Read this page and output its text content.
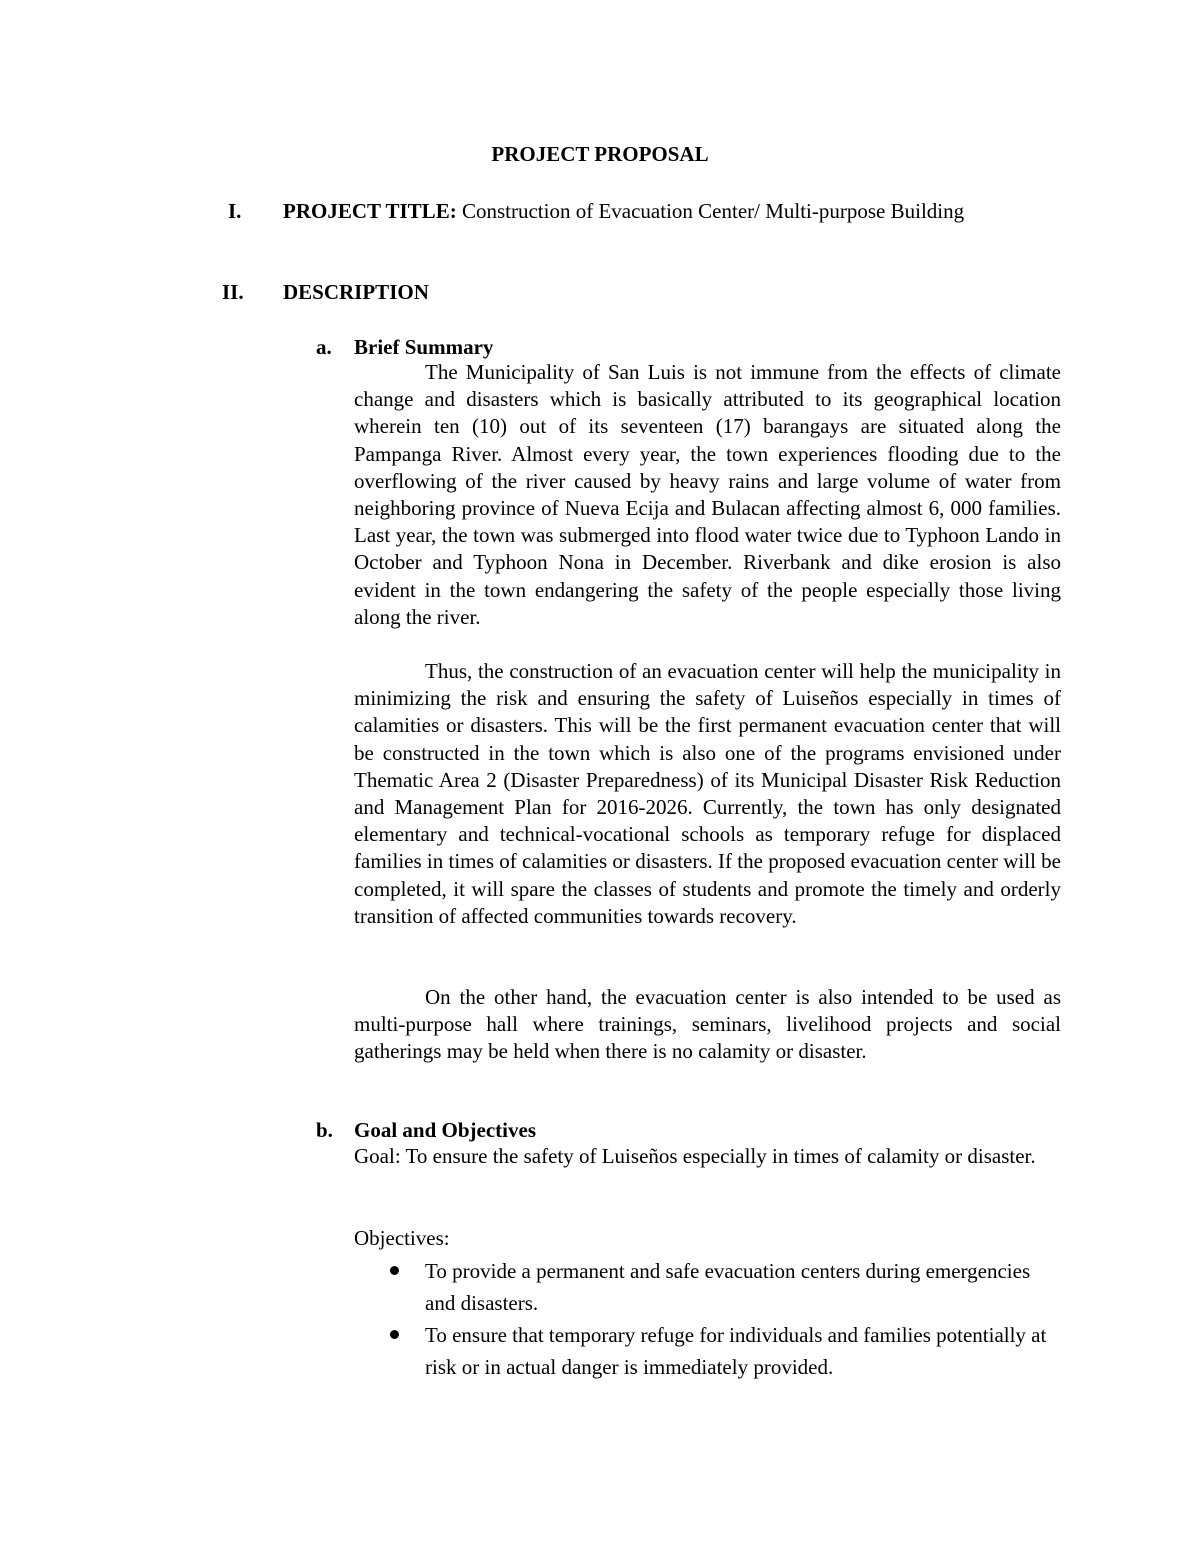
PROJECT PROPOSAL
I. PROJECT TITLE: Construction of Evacuation Center/ Multi-purpose Building
II. DESCRIPTION
a. Brief Summary

The Municipality of San Luis is not immune from the effects of climate change and disasters which is basically attributed to its geographical location wherein ten (10) out of its seventeen (17) barangays are situated along the Pampanga River. Almost every year, the town experiences flooding due to the overflowing of the river caused by heavy rains and large volume of water from neighboring province of Nueva Ecija and Bulacan affecting almost 6, 000 families. Last year, the town was submerged into flood water twice due to Typhoon Lando in October and Typhoon Nona in December. Riverbank and dike erosion is also evident in the town endangering the safety of the people especially those living along the river.

Thus, the construction of an evacuation center will help the municipality in minimizing the risk and ensuring the safety of Luiseños especially in times of calamities or disasters. This will be the first permanent evacuation center that will be constructed in the town which is also one of the programs envisioned under Thematic Area 2 (Disaster Preparedness) of its Municipal Disaster Risk Reduction and Management Plan for 2016-2026. Currently, the town has only designated elementary and technical-vocational schools as temporary refuge for displaced families in times of calamities or disasters. If the proposed evacuation center will be completed, it will spare the classes of students and promote the timely and orderly transition of affected communities towards recovery.

On the other hand, the evacuation center is also intended to be used as multi-purpose hall where trainings, seminars, livelihood projects and social gatherings may be held when there is no calamity or disaster.

b. Goal and Objectives

Goal: To ensure the safety of Luiseños especially in times of calamity or disaster.

Objectives:
To provide a permanent and safe evacuation centers during emergencies and disasters.
To ensure that temporary refuge for individuals and families potentially at risk or in actual danger is immediately provided.
